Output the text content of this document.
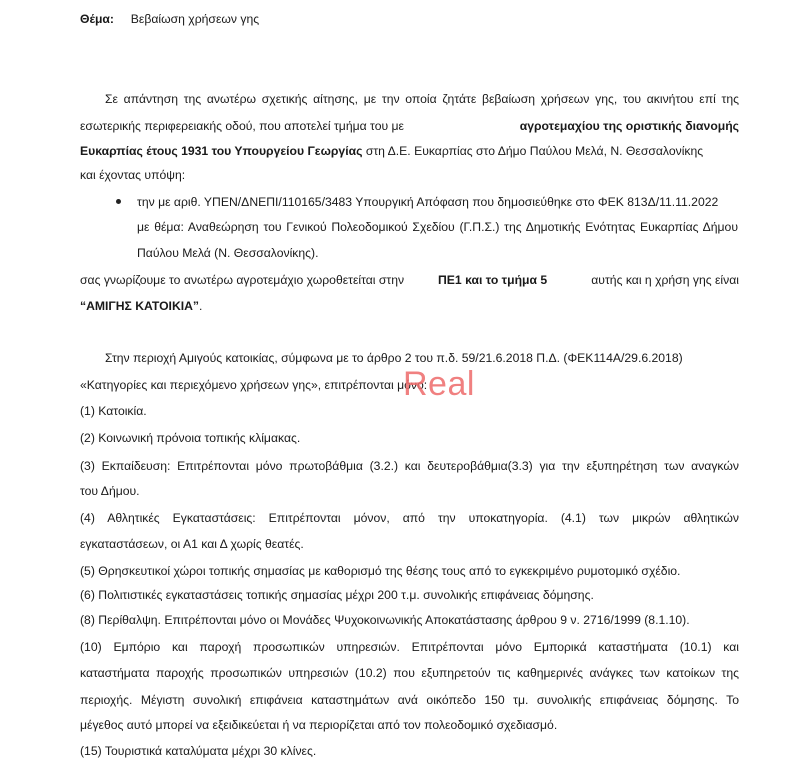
Θέμα: Βεβαίωση χρήσεων γης
Σε απάντηση της ανωτέρω σχετικής αίτησης, με την οποία ζητάτε βεβαίωση χρήσεων γης, του ακινήτου επί της
εσωτερικής περιφερειακής οδού, που αποτελεί τμήμα του με	αγροτεμαχίου της οριστικής διανομής
Ευκαρπίας έτους 1931 του Υπουργείου Γεωργίας στη Δ.Ε. Ευκαρπίας στο Δήμο Παύλου Μελά, Ν. Θεσσαλονίκης
και έχοντας υπόψη:
την με αριθ. ΥΠΕΝ/ΔΝΕΠΙ/110165/3483 Υπουργική Απόφαση που δημοσιεύθηκε στο ΦΕΚ 813Δ/11.11.2022
με θέμα: Αναθεώρηση του Γενικού Πολεοδομικού Σχεδίου (Γ.Π.Σ.) της Δημοτικής Ενότητας Ευκαρπίας Δήμου
Παύλου Μελά (Ν. Θεσσαλονίκης).
σας γνωρίζουμε το ανωτέρω αγροτεμάχιο χωροθετείται στην	ΠΕ1 και το τμήμα 5	αυτής και η χρήση γης είναι
“ΑΜΙΓΗΣ ΚΑΤΟΙΚΙΑ”.
Στην περιοχή Αμιγούς κατοικίας, σύμφωνα με το άρθρο 2 του π.δ. 59/21.6.2018 Π.Δ. (ΦΕΚ114Α/29.6.2018)
«Κατηγορίες και περιεχόμενο χρήσεων γης», επιτρέπονται μόνο:
(1) Κατοικία.
(2) Κοινωνική πρόνοια τοπικής κλίμακας.
(3) Εκπαίδευση: Επιτρέπονται μόνο πρωτοβάθμια (3.2.) και δευτεροβάθμια(3.3) για την εξυπηρέτηση των αναγκών
του Δήμου.
(4) Αθλητικές Εγκαταστάσεις: Επιτρέπονται μόνον, από την υποκατηγορία. (4.1) των μικρών αθλητικών
εγκαταστάσεων, οι Α1 και Δ χωρίς θεατές.
(5) Θρησκευτικοί χώροι τοπικής σημασίας με καθορισμό της θέσης τους από το εγκεκριμένο ρυμοτομικό σχέδιο.
(6) Πολιτιστικές εγκαταστάσεις τοπικής σημασίας μέχρι 200 τ.μ. συνολικής επιφάνειας δόμησης.
(8) Περίθαλψη. Επιτρέπονται μόνο οι Μονάδες Ψυχοκοινωνικής Αποκατάστασης άρθρου 9 ν. 2716/1999 (8.1.10).
(10) Εμπόριο και παροχή προσωπικών υπηρεσιών. Επιτρέπονται μόνο Εμπορικά καταστήματα (10.1) και
καταστήματα παροχής προσωπικών υπηρεσιών (10.2) που εξυπηρετούν τις καθημερινές ανάγκες των κατοίκων της
περιοχής. Μέγιστη συνολική επιφάνεια καταστημάτων ανά οικόπεδο 150 τμ. συνολικής επιφάνειας δόμησης. Το
μέγεθος αυτό μπορεί να εξειδικεύεται ή να περιορίζεται από τον πολεοδομικό σχεδιασμό.
(15) Τουριστικά καταλύματα μέχρι 30 κλίνες.
Real
